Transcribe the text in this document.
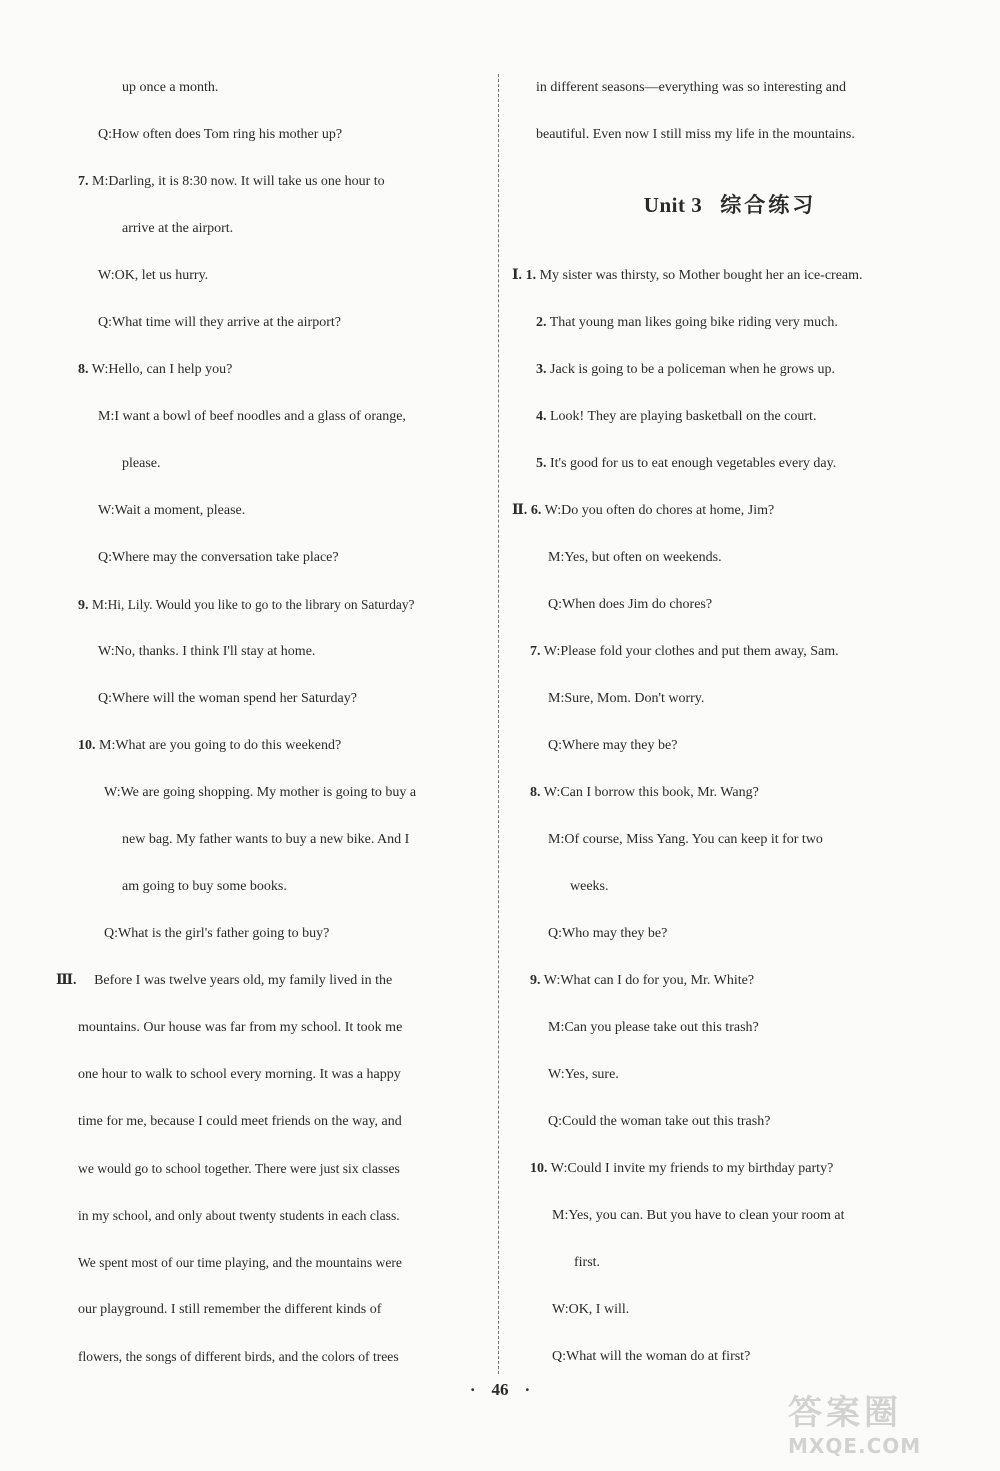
up once a month.
Q:How often does Tom ring his mother up?
7. M:Darling, it is 8:30 now. It will take us one hour to
arrive at the airport.
W:OK, let us hurry.
Q:What time will they arrive at the airport?
8. W:Hello, can I help you?
M:I want a bowl of beef noodles and a glass of orange,
please.
W:Wait a moment, please.
Q:Where may the conversation take place?
9. M:Hi, Lily. Would you like to go to the library on Saturday?
W:No, thanks. I think I'll stay at home.
Q:Where will the woman spend her Saturday?
10. M:What are you going to do this weekend?
W:We are going shopping. My mother is going to buy a
new bag. My father wants to buy a new bike. And I
am going to buy some books.
Q:What is the girl's father going to buy?
Ⅲ. Before I was twelve years old, my family lived in the
mountains. Our house was far from my school. It took me
one hour to walk to school every morning. It was a happy
time for me, because I could meet friends on the way, and
we would go to school together. There were just six classes
in my school, and only about twenty students in each class.
We spent most of our time playing, and the mountains were
our playground. I still remember the different kinds of
flowers, the songs of different birds, and the colors of trees
in different seasons—everything was so interesting and
beautiful. Even now I still miss my life in the mountains.
Unit 3 综合练习
Ⅰ. 1. My sister was thirsty, so Mother bought her an ice-cream.
2. That young man likes going bike riding very much.
3. Jack is going to be a policeman when he grows up.
4. Look! They are playing basketball on the court.
5. It's good for us to eat enough vegetables every day.
Ⅱ. 6. W:Do you often do chores at home, Jim?
M:Yes, but often on weekends.
Q:When does Jim do chores?
7. W:Please fold your clothes and put them away, Sam.
M:Sure, Mom. Don't worry.
Q:Where may they be?
8. W:Can I borrow this book, Mr. Wang?
M:Of course, Miss Yang. You can keep it for two
weeks.
Q:Who may they be?
9. W:What can I do for you, Mr. White?
M:Can you please take out this trash?
W:Yes, sure.
Q:Could the woman take out this trash?
10. W:Could I invite my friends to my birthday party?
M:Yes, you can. But you have to clean your room at
first.
W:OK, I will.
Q:What will the woman do at first?
· 46 ·
答案圈
MXQE.COM
